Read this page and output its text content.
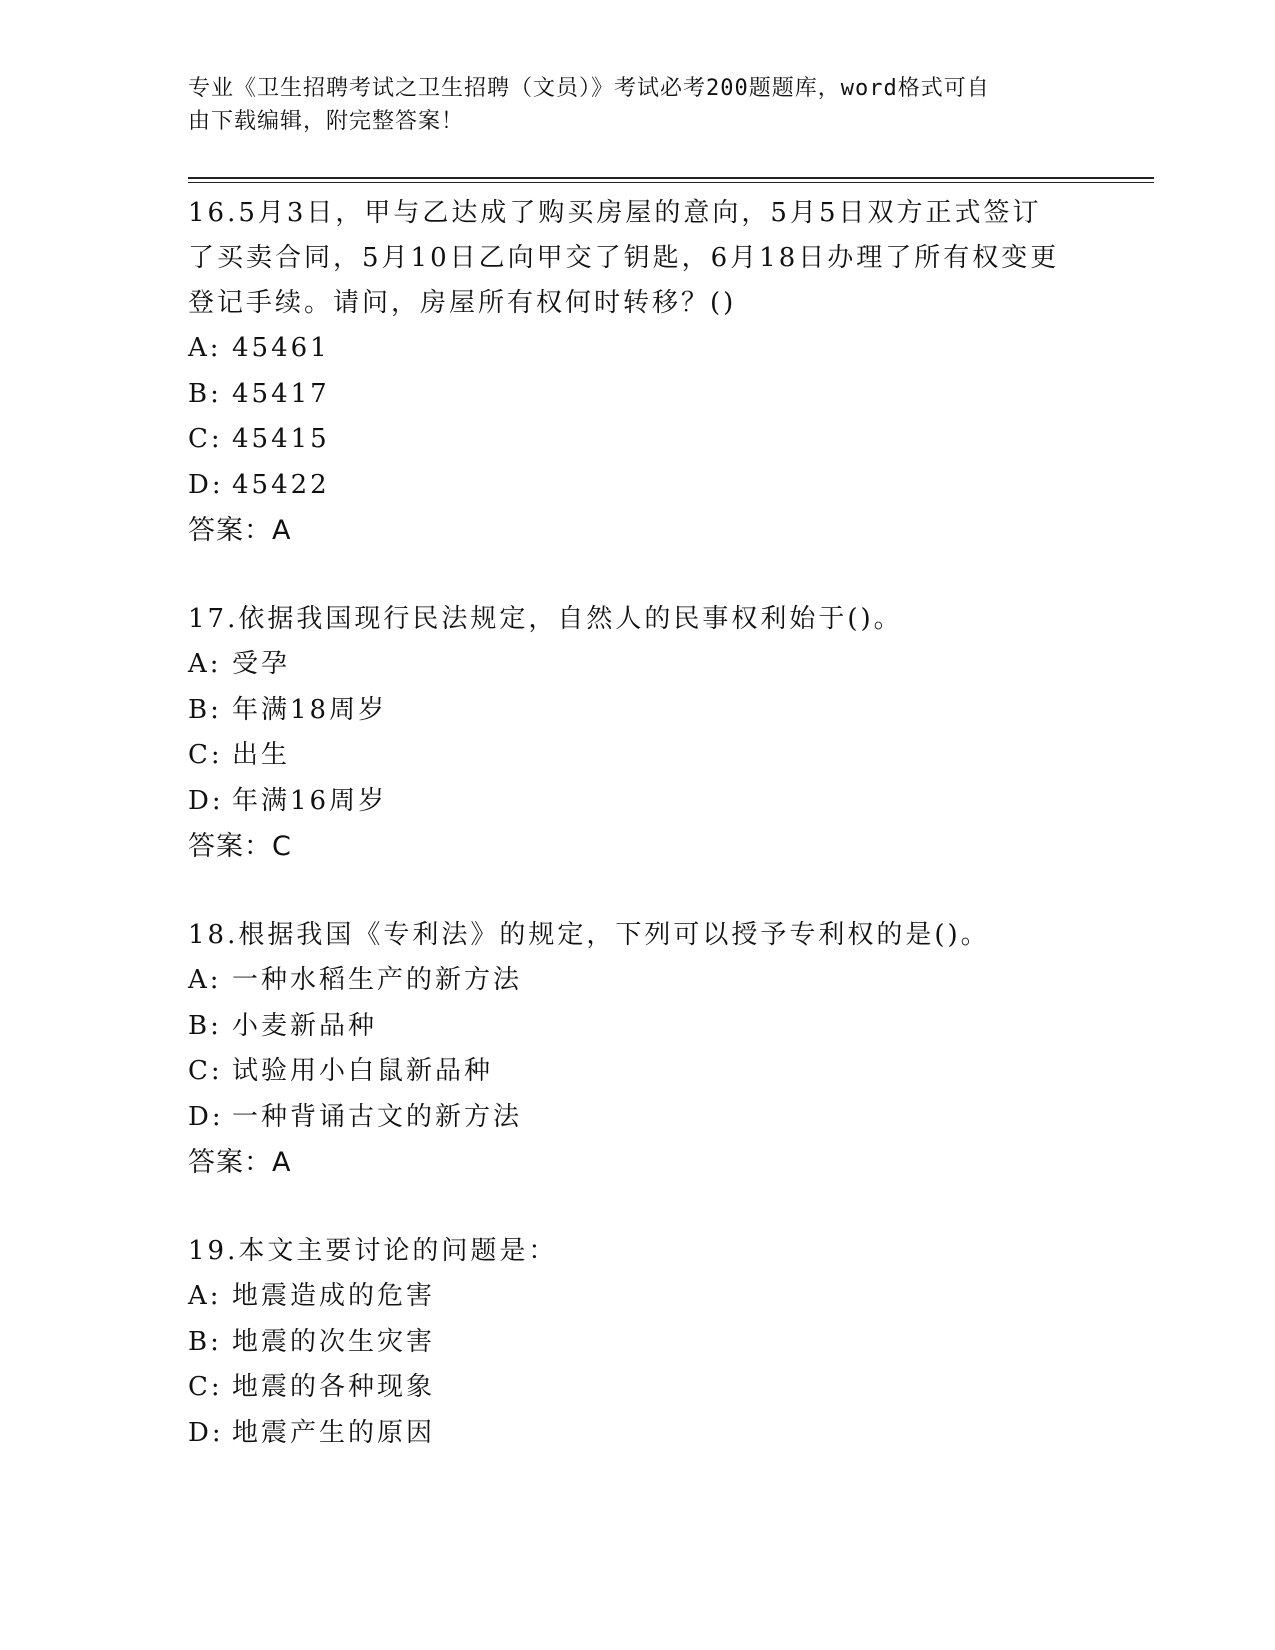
专业《卫生招聘考试之卫生招聘（文员）》考试必考200题题库，word格式可自
由下载编辑，附完整答案！
16.5月3日，甲与乙达成了购买房屋的意向，5月5日双方正式签订
了买卖合同，5月10日乙向甲交了钥匙，6月18日办理了所有权变更
登记手续。请问，房屋所有权何时转移？()
A: 45461
B: 45417
C: 45415
D: 45422
答案：A
17.依据我国现行民法规定，自然人的民事权利始于()。
A: 受孕
B: 年满18周岁
C: 出生
D: 年满16周岁
答案：C
18.根据我国《专利法》的规定，下列可以授予专利权的是()。
A: 一种水稻生产的新方法
B: 小麦新品种
C: 试验用小白鼠新品种
D: 一种背诵古文的新方法
答案：A
19.本文主要讨论的问题是：
A: 地震造成的危害
B: 地震的次生灾害
C: 地震的各种现象
D: 地震产生的原因
